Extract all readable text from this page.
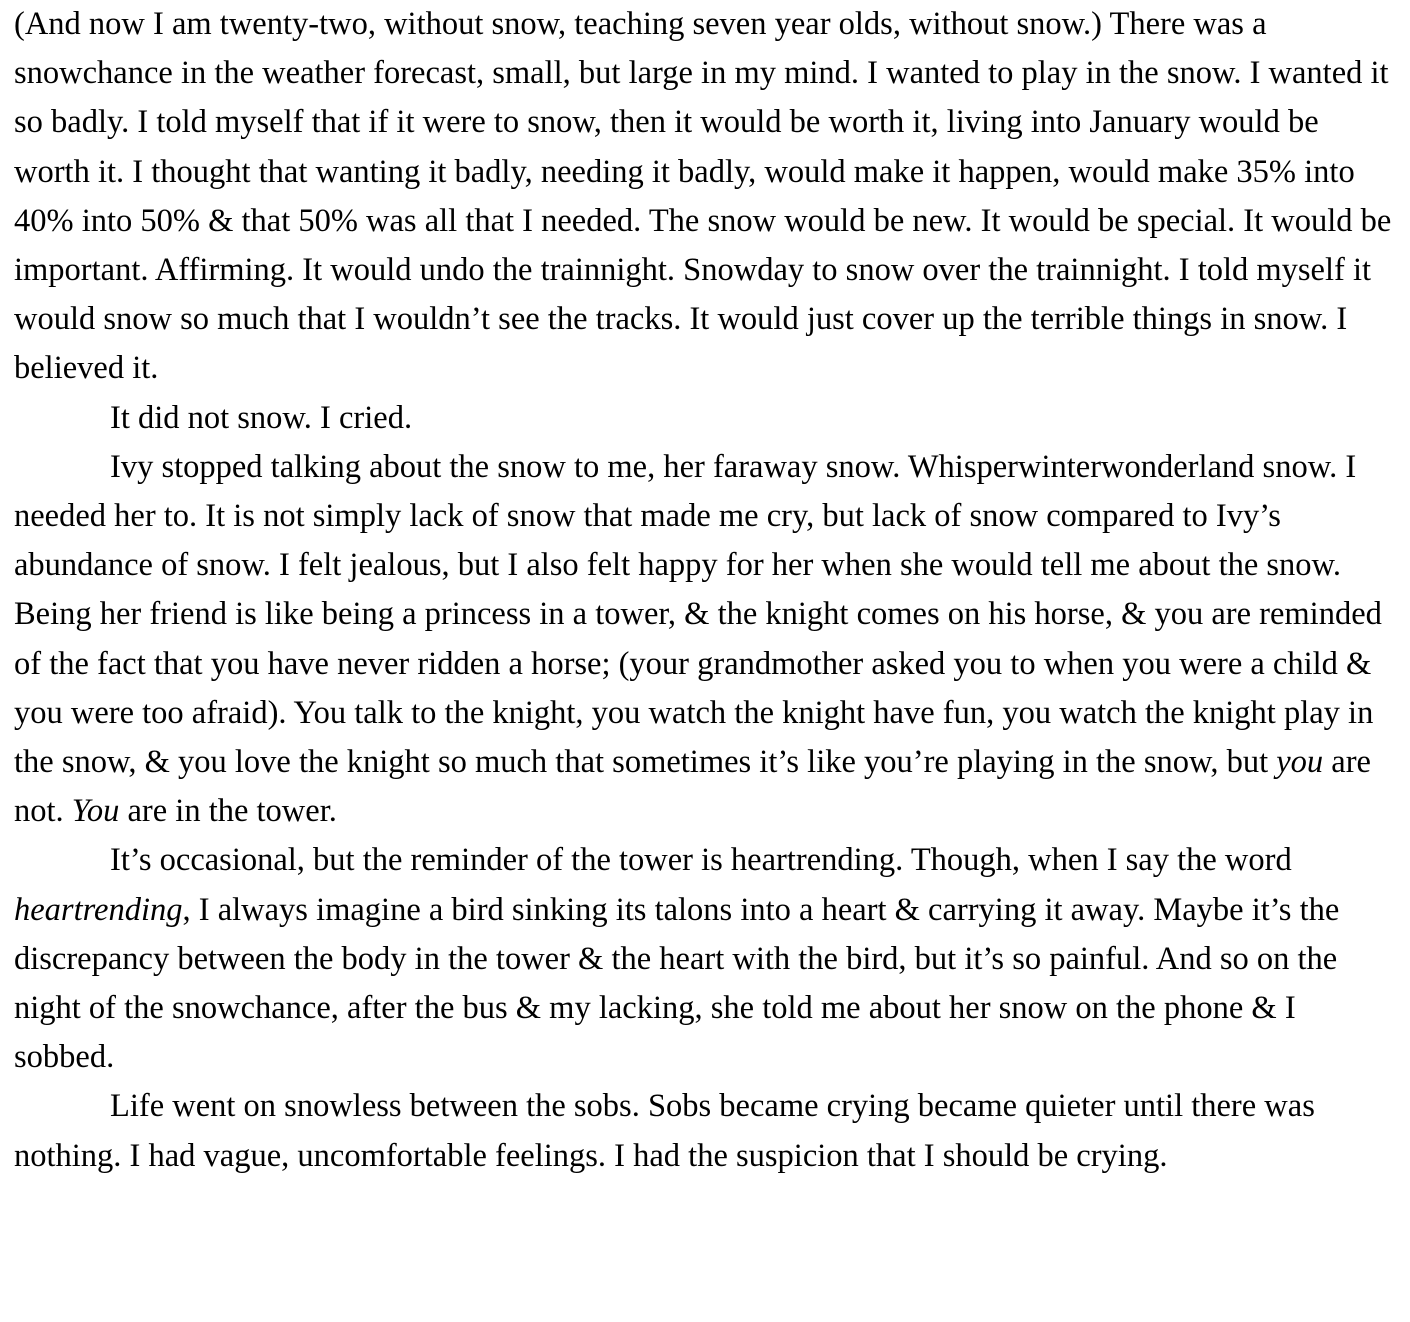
(And now I am twenty-two, without snow, teaching seven year olds, without snow.) There was a snowchance in the weather forecast, small, but large in my mind. I wanted to play in the snow. I wanted it so badly. I told myself that if it were to snow, then it would be worth it, living into January would be worth it. I thought that wanting it badly, needing it badly, would make it happen, would make 35% into 40% into 50% & that 50% was all that I needed. The snow would be new. It would be special. It would be important. Affirming. It would undo the trainnight. Snowday to snow over the trainnight. I told myself it would snow so much that I wouldn’t see the tracks. It would just cover up the terrible things in snow. I believed it.

It did not snow. I cried.

Ivy stopped talking about the snow to me, her faraway snow. Whisperwinterwonderland snow. I needed her to. It is not simply lack of snow that made me cry, but lack of snow compared to Ivy’s abundance of snow. I felt jealous, but I also felt happy for her when she would tell me about the snow. Being her friend is like being a princess in a tower, & the knight comes on his horse, & you are reminded of the fact that you have never ridden a horse; (your grandmother asked you to when you were a child & you were too afraid). You talk to the knight, you watch the knight have fun, you watch the knight play in the snow, & you love the knight so much that sometimes it’s like you’re playing in the snow, but you are not. You are in the tower.

It’s occasional, but the reminder of the tower is heartrending. Though, when I say the word heartrending, I always imagine a bird sinking its talons into a heart & carrying it away. Maybe it’s the discrepancy between the body in the tower & the heart with the bird, but it’s so painful. And so on the night of the snowchance, after the bus & my lacking, she told me about her snow on the phone & I sobbed.

Life went on snowless between the sobs. Sobs became crying became quieter until there was nothing. I had vague, uncomfortable feelings. I had the suspicion that I should be crying.
